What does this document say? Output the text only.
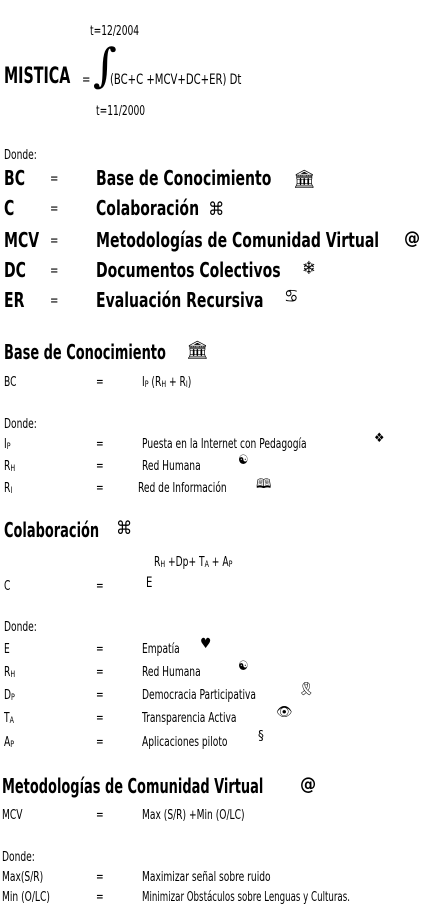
t=12/2004
MISTICA = ∫
(BC+C +MCV+DC+ER) Dt
t=11/2000
Donde:
BC	= Base de Conocimiento 🏛
C	= Colaboración ⌘
MCV = Metodologías de Comunidad Virtual	@
DC	= Documentos Colectivos	❄
ER	= Evaluación Recursiva	♋
Base de Conocimiento	🏛
BC	=	IP (RH + RI)
Donde:
IP	=	Puesta en la Internet con Pedagogía	❖
RH	=	Red Humana	☯
RI	=	Red de Información	🕮
Colaboración ⌘
RH +Dp+ TA + AP
C	=	E
Donde:
E	=	Empatía	♥
RH	=	Red Humana	☯
DP	=	Democracia Participativa	🎗
TA	=	Transparencia Activa	👁
AP	=	Aplicaciones piloto	§
Metodologías de Comunidad Virtual	@
MCV	=	Max (S/R) +Min (O/LC)
Donde:
Max(S/R)	=	Maximizar señal sobre ruido
Min (O/LC)	=	Minimizar Obstáculos sobre Lenguas y Culturas.
